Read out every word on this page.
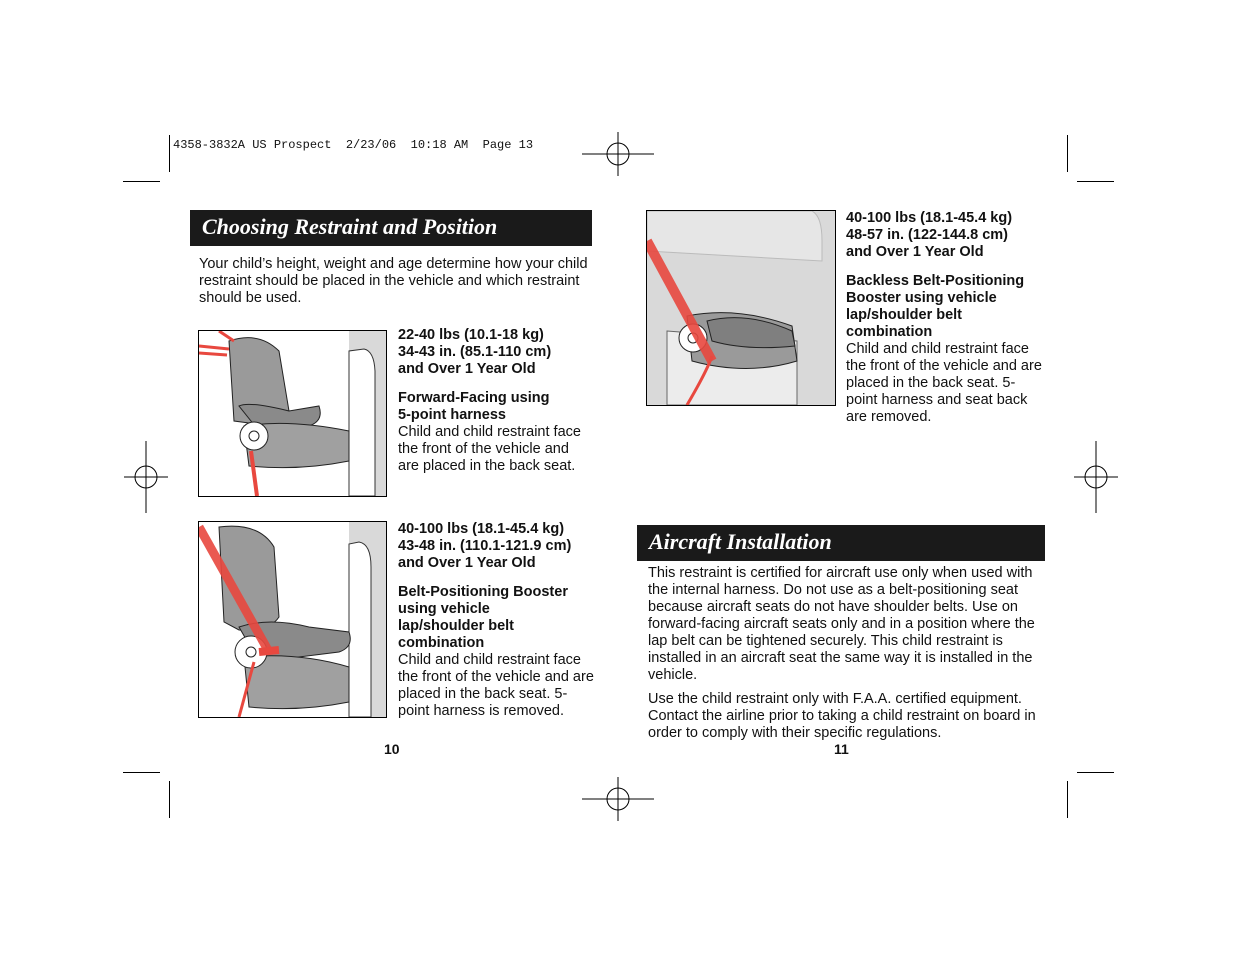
4358-3832A US Prospect  2/23/06  10:18 AM  Page 13
Choosing Restraint and Position
Your child’s height, weight and age determine how your child restraint should be placed in the vehicle and which restraint should be used.

22-40 lbs (10.1-18 kg)

34-43 in. (85.1-110 cm)

and Over 1 Year Old

Forward-Facing using

5-point harness

Child and child restraint face the front of the vehicle and are placed in the back seat.

40-100 lbs (18.1-45.4 kg)

43-48 in. (110.1-121.9 cm)

and Over 1 Year Old

Belt-Positioning Booster

using vehicle

lap/shoulder belt

combination

Child and child restraint face the front of the vehicle and are placed in the back seat. 5-point harness is removed.

10

40-100 lbs (18.1-45.4 kg)

48-57 in. (122-144.8 cm)

and Over 1 Year Old

Backless Belt-Positioning

Booster using vehicle

lap/shoulder belt

combination

Child and child restraint face the front of the vehicle and are placed in the back seat. 5-point harness and seat back are removed.

Aircraft Installation
This restraint is certified for aircraft use only when used with the internal harness. Do not use as a belt-positioning seat because aircraft seats do not have shoulder belts. Use on forward-facing aircraft seats only and in a position where the lap belt can be tightened securely. This child restraint is installed in an aircraft seat the same way it is installed in the vehicle.
Use the child restraint only with F.A.A. certified equipment. Contact the airline prior to taking a child restraint on board in order to comply with their specific regulations.
11
